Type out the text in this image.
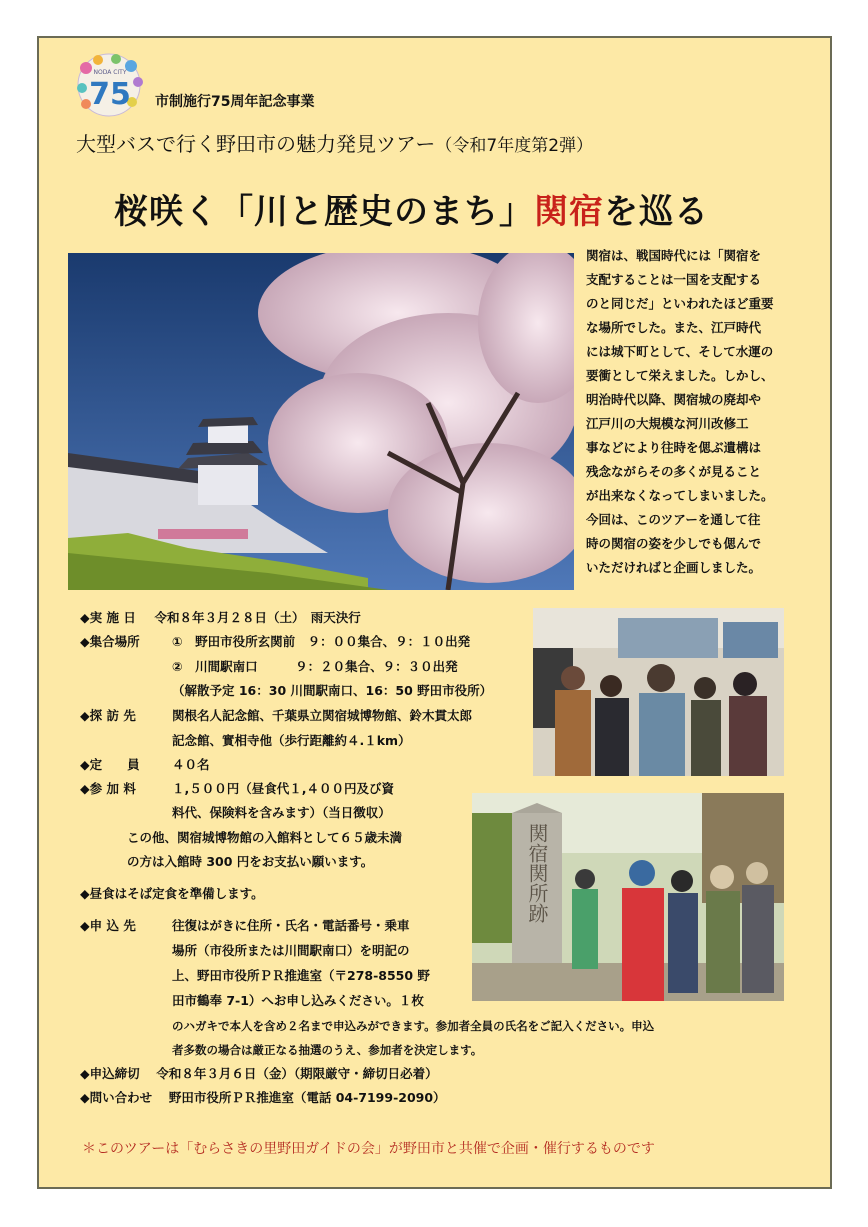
75
NODA CITY
市制施行75周年記念事業
大型バスで行く野田市の魅力発見ツアー（令和7年度第2弾）
桜咲く「川と歴史のまち」関宿を巡る
関宿は、戦国時代には「関宿を
支配することは一国を支配する
のと同じだ」といわれたほど重要
な場所でした。また、江戸時代
には城下町として、そして水運の
要衝として栄えました。しかし、
明治時代以降、関宿城の廃却や
江戸川の大規模な河川改修工
事などにより往時を偲ぶ遺構は
残念ながらその多くが見ること
が出来なくなってしまいました。
今回は、このツアーを通して往
時の関宿の姿を少しでも偲んで
いただければと企画しました。
関宿関所跡
◆実 施 日 令和８年３月２８日（土）　雨天決行
◆集合場所	①　野田市役所玄関前　９：００集合、９：１０出発
②　川間駅南口　　　９：２０集合、９：３０出発
（解散予定 16：30 川間駅南口、16：50 野田市役所）
◆探 訪 先	関根名人記念館、千葉県立関宿城博物館、鈴木貫太郎
記念館、實相寺他（歩行距離約４.１km）
◆定　　員	４０名
◆参 加 料	１,５００円（昼食代１,４００円及び資
料代、保険料を含みます）（当日徴収）
この他、関宿城博物館の入館料として６５歳未満
の方は入館時 300 円をお支払い願います。
◆昼食はそば定食を準備します。
◆申 込 先	往復はがきに住所・氏名・電話番号・乗車
場所（市役所または川間駅南口）を明記の
上、野田市役所ＰＲ推進室（〒278-8550 野
田市鶴奉 7-1）へお申し込みください。１枚
のハガキで本人を含め２名まで申込みができます。参加者全員の氏名をご記入ください。申込
者多数の場合は厳正なる抽選のうえ、参加者を決定します。
◆申込締切 令和８年３月６日（金）（期限厳守・締切日必着）
◆問い合わせ 野田市役所ＰＲ推進室（電話 04-7199-2090）
＊このツアーは「むらさきの里野田ガイドの会」が野田市と共催で企画・催行するものです
